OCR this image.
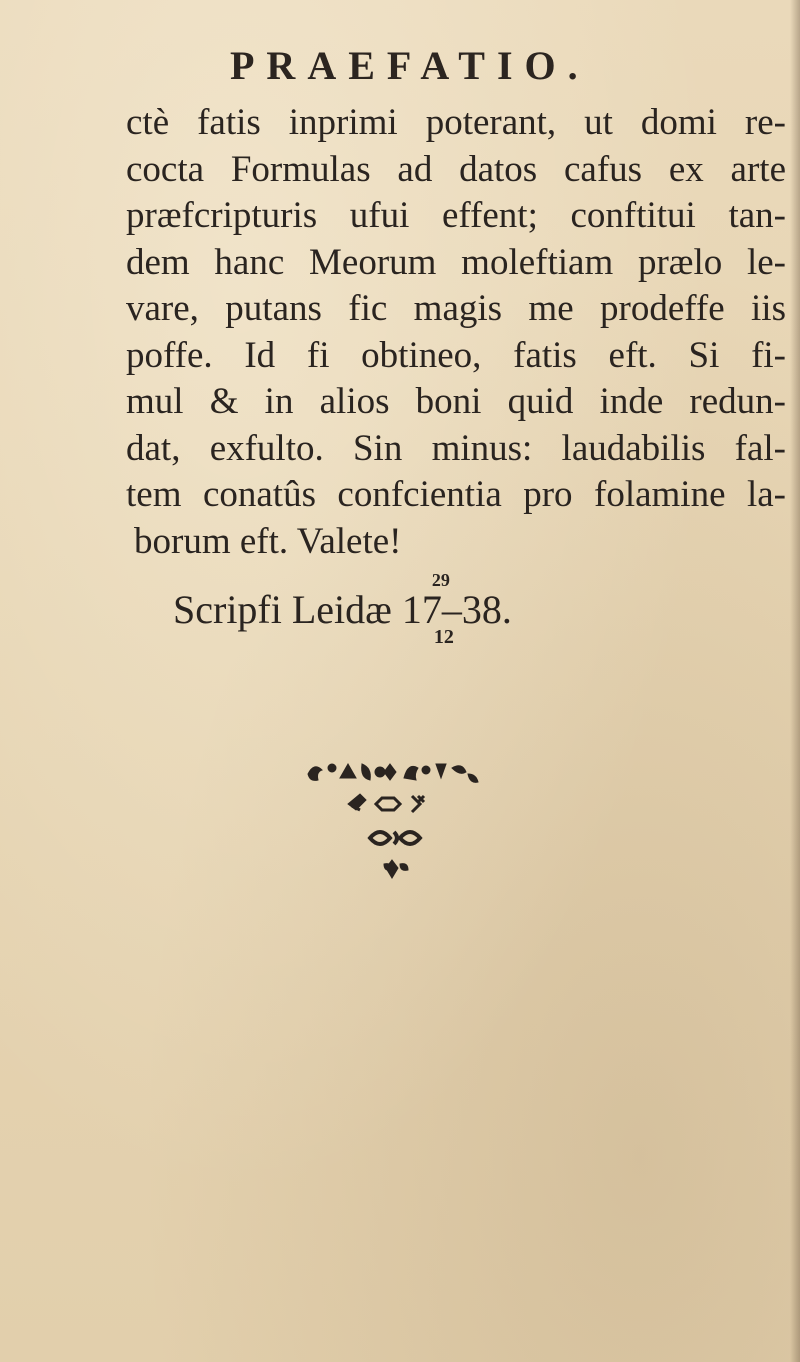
PRAEFATIO.
ctè fatis inprimi poterant, ut domi re-
cocta Formulas ad datos cafus ex arte
præfcripturis ufui effent; conftitui tan-
dem hanc Meorum moleftiam prælo le-
vare, putans fic magis me prodeffe iis
poffe. Id fi obtineo, fatis eft. Si fi-
mul & in alios boni quid inde redun-
dat, exfulto. Sin minus: laudabilis fal-
tem conatûs confcientia pro folamine la-
borum eft. Valete!
Scripfi Leidæ 17
29
12
–38.
